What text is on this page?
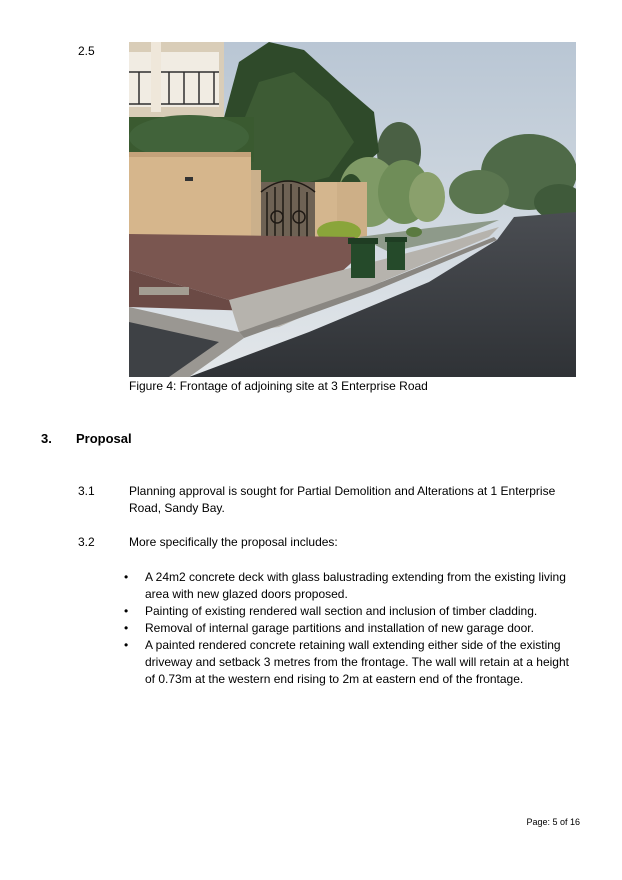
2.5
Figure 4: Frontage of adjoining site at 3 Enterprise Road
3. Proposal
3.1	Planning approval is sought for Partial Demolition and Alterations at 1 Enterprise Road, Sandy Bay.
3.2	More specifically the proposal includes:
• A 24m2 concrete deck with glass balustrading extending from the existing living area with new glazed doors proposed.
• Painting of existing rendered wall section and inclusion of timber cladding.
• Removal of internal garage partitions and installation of new garage door.
• A painted rendered concrete retaining wall extending either side of the existing driveway and setback 3 metres from the frontage. The wall will retain at a height of 0.73m at the western end rising to 2m at eastern end of the frontage.
Page: 5 of 16
